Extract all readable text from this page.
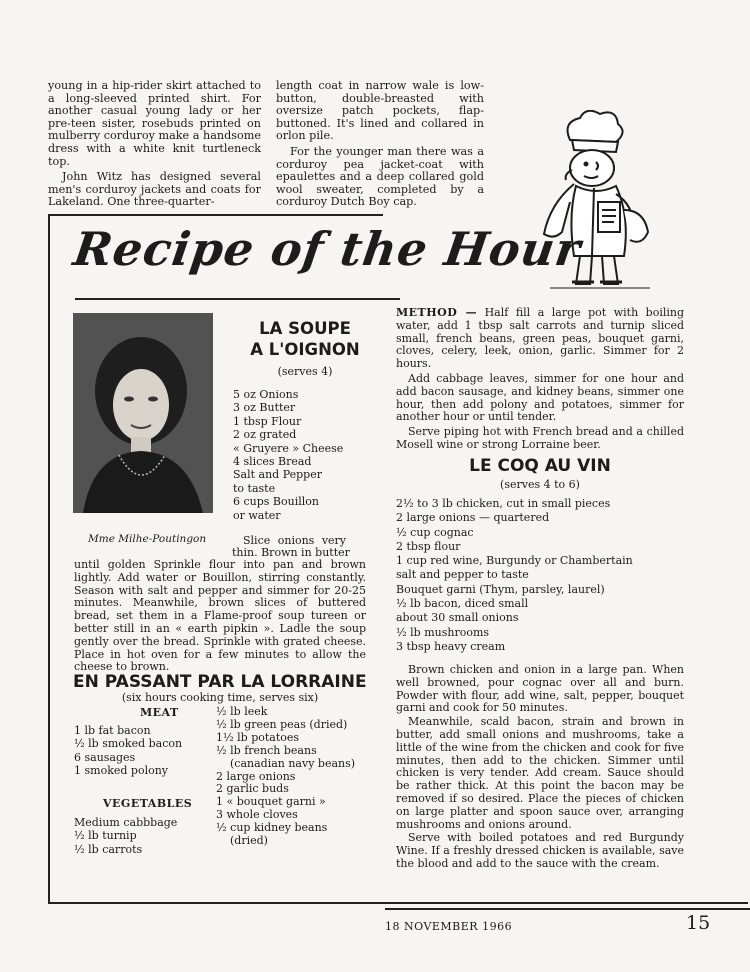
young in a hip-rider skirt attached to a long-sleeved printed shirt. For another casual young lady or her pre-teen sister, rosebuds printed on mulberry corduroy make a handsome dress with a white knit turtleneck top.

John Witz has designed several men's corduroy jackets and coats for Lakeland. One three-quarter-

length coat in narrow wale is low-button, double-breasted with oversize patch pockets, flap-buttoned. It's lined and collared in orlon pile.

For the younger man there was a corduroy pea jacket-coat with epaulettes and a deep collared gold wool sweater, completed by a corduroy Dutch Boy cap.

Recipe of the Hour
Mme Milhe-Poutingon
LA SOUPE
A L'OIGNON
(serves 4)
5 oz Onions
3 oz Butter
1 tbsp Flour
2 oz grated
« Gruyere » Cheese
4 slices Bread
Salt and Pepper
to taste
6 cups Bouillon
or water
Slice onions very
thin. Brown in butter
until golden Sprinkle flour into pan and brown lightly. Add water or Bouillon, stirring constantly. Season with salt and pepper and simmer for 20-25 minutes. Meanwhile, brown slices of buttered bread, set them in a Flame-proof soup tureen or better still in an « earth pipkin ». Ladle the soup gently over the bread. Sprinkle with grated cheese. Place in hot oven for a few minutes to allow the cheese to brown.
EN PASSANT PAR LA LORRAINE
(six hours cooking time, serves six)
MEAT
1 lb fat bacon
½ lb smoked bacon
6 sausages
1 smoked polony
VEGETABLES
Medium cabbbage
½ lb turnip
½ lb carrots
½ lb leek
½ lb green peas (dried)
1½ lb potatoes
½ lb french beans
(canadian navy beans)
2 large onions
2 garlic buds
1 « bouquet garni »
3 whole cloves
½ cup kidney beans
(dried)
METHOD — Half fill a large pot with boiling water, add 1 tbsp salt carrots and turnip sliced small, french beans, green peas, bouquet garni, cloves, celery, leek, onion, garlic. Simmer for 2 hours.
Add cabbage leaves, simmer for one hour and add bacon sausage, and kidney beans, simmer one hour, then add polony and potatoes, simmer for another hour or until tender.
Serve piping hot with French bread and a chilled Mosell wine or strong Lorraine beer.
LE COQ AU VIN
(serves 4 to 6)
2½ to 3 lb chicken, cut in small pieces
2 large onions — quartered
½ cup cognac
2 tbsp flour
1 cup red wine, Burgundy or Chambertain
salt and pepper to taste
Bouquet garni (Thym, parsley, laurel)
½ lb bacon, diced small
about 30 small onions
½ lb mushrooms
3 tbsp heavy cream
Brown chicken and onion in a large pan. When well browned, pour cognac over all and burn. Powder with flour, add wine, salt, pepper, bouquet garni and cook for 50 minutes.
Meanwhile, scald bacon, strain and brown in butter, add small onions and mushrooms, take a little of the wine from the chicken and cook for five minutes, then add to the chicken. Simmer until chicken is very tender. Add cream. Sauce should be rather thick. At this point the bacon may be removed if so desired. Place the pieces of chicken on large platter and spoon sauce over, arranging mushrooms and onions around.
Serve with boiled potatoes and red Burgundy Wine. If a freshly dressed chicken is available, save the blood and add to the sauce with the cream.
18 NOVEMBER 1966	15
